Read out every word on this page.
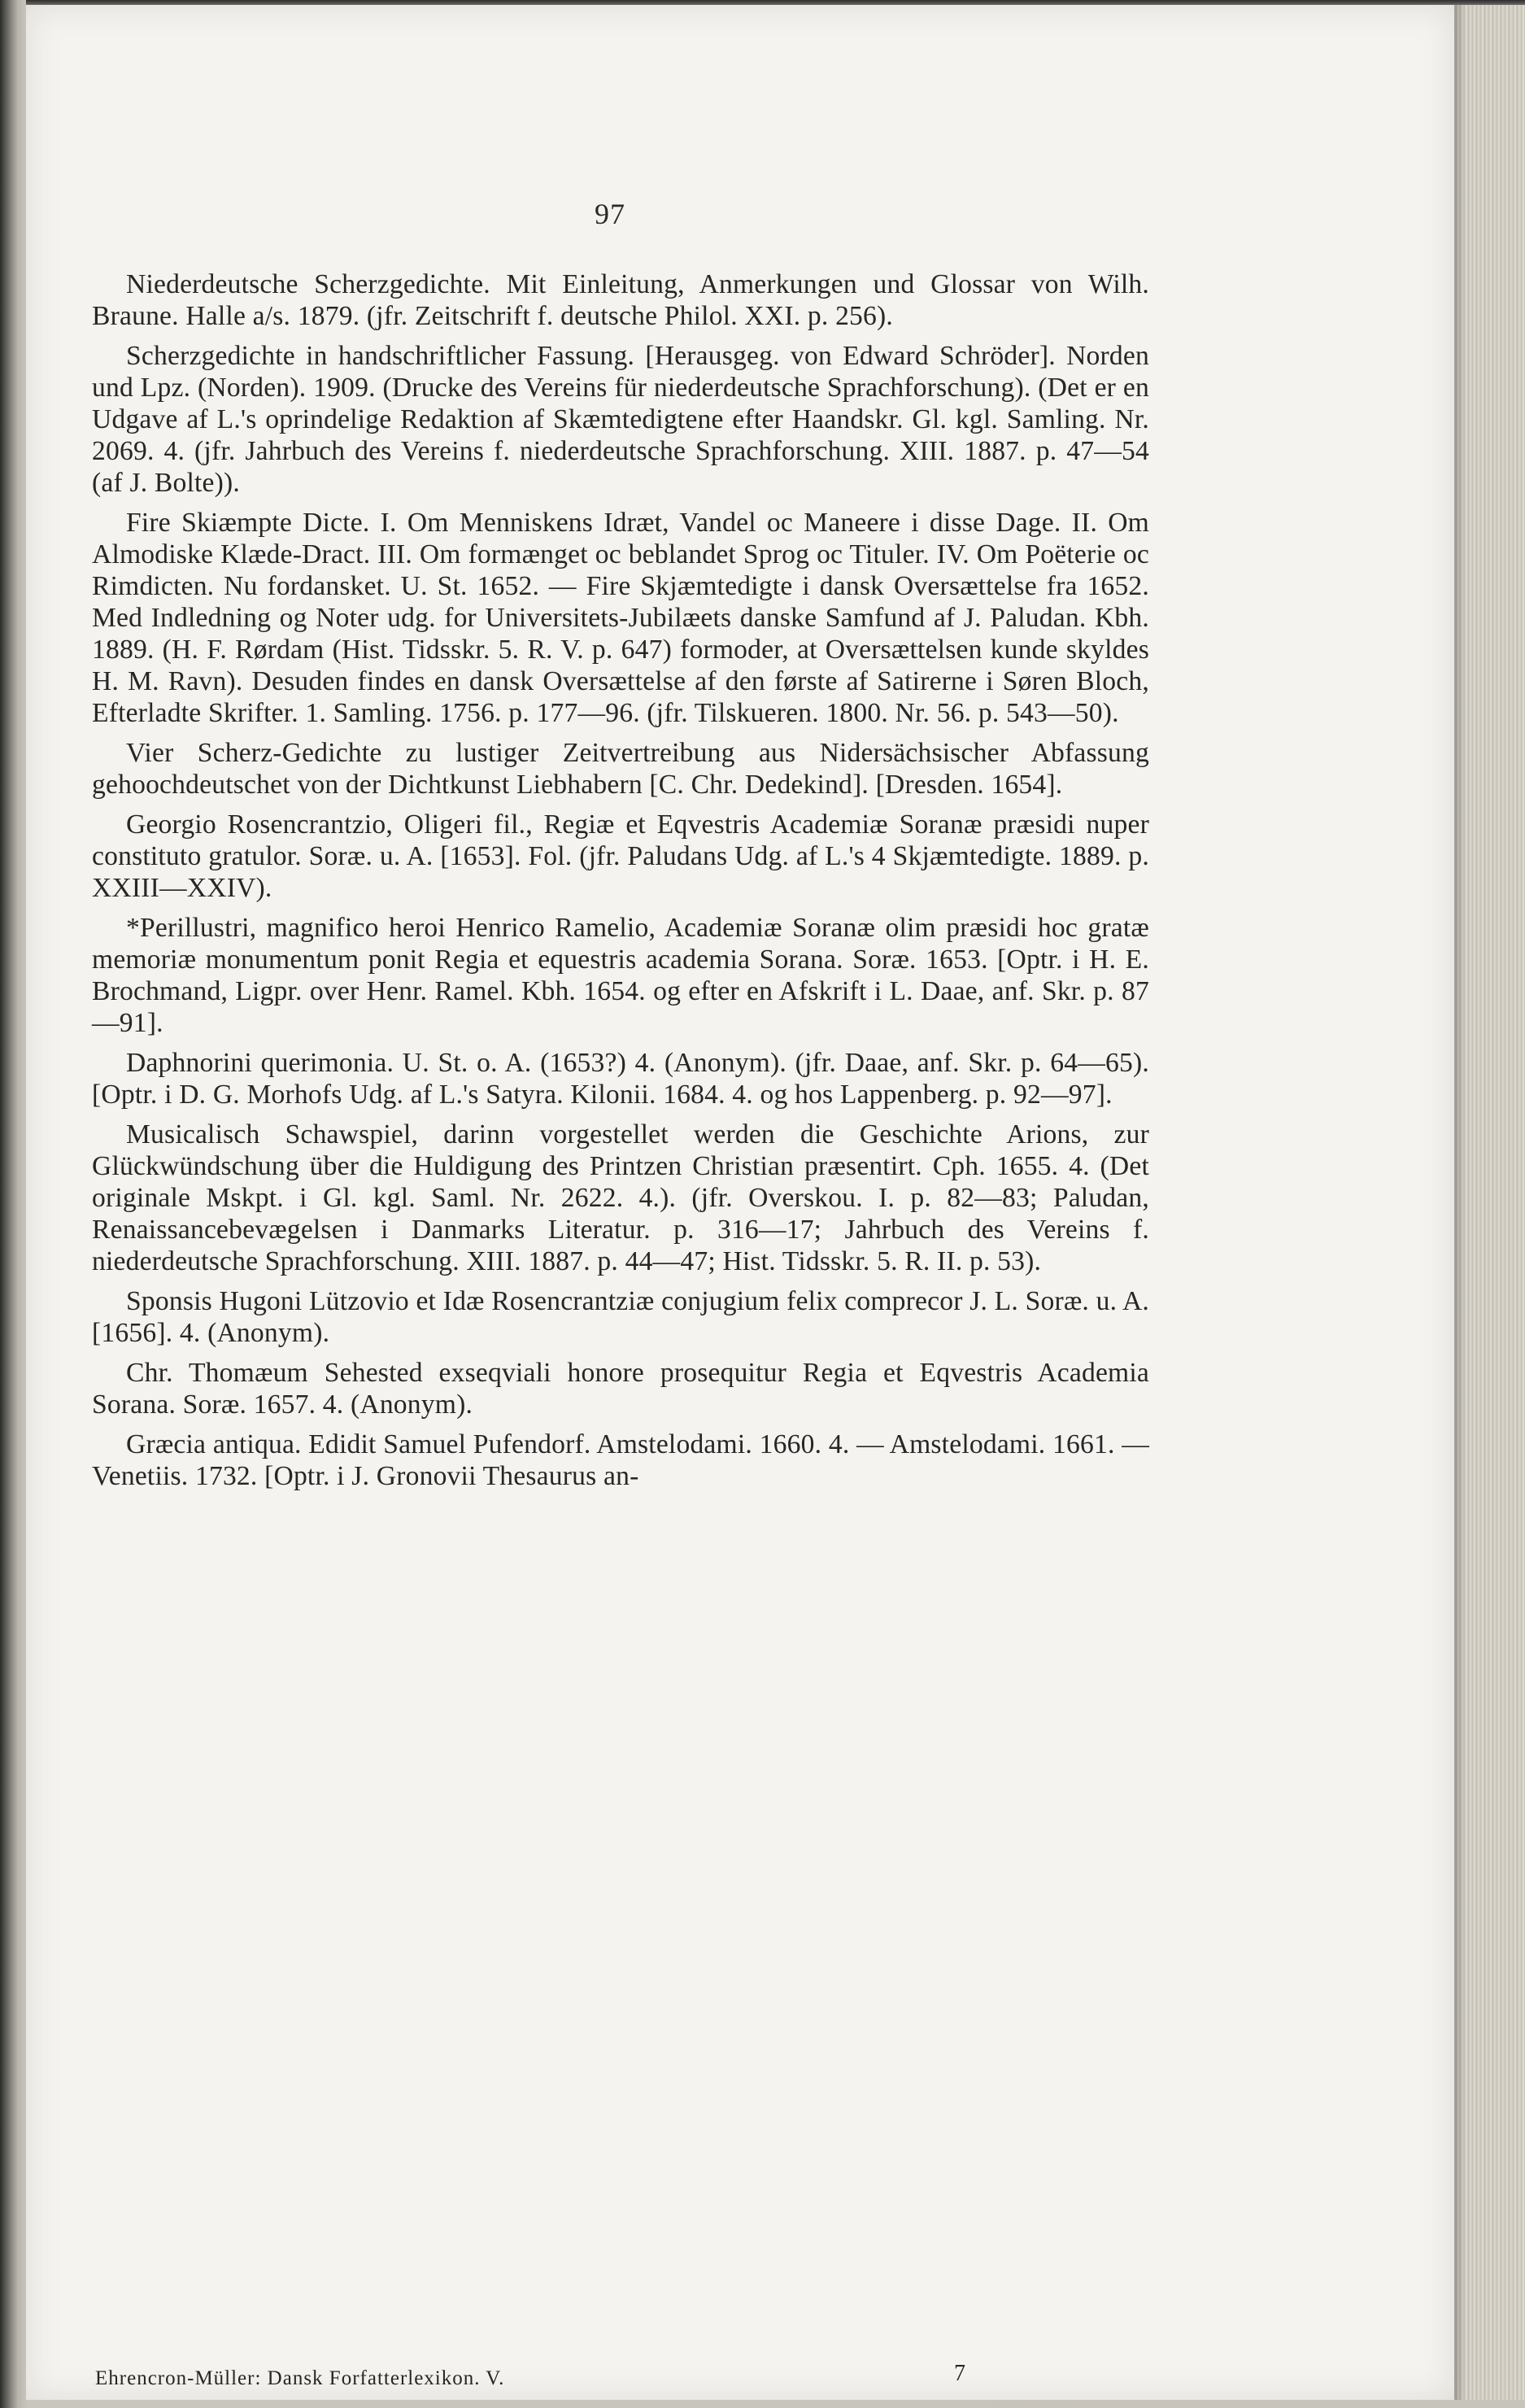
97

Niederdeutsche Scherzgedichte. Mit Einleitung, Anmerkungen und Glossar von Wilh. Braune. Halle a/s. 1879. (jfr. Zeitschrift f. deutsche Philol. XXI. p. 256).

Scherzgedichte in handschriftlicher Fassung. [Herausgeg. von Edward Schröder]. Norden und Lpz. (Norden). 1909. (Drucke des Vereins für niederdeutsche Sprachforschung). (Det er en Udgave af L.'s oprindelige Redaktion af Skæmtedigtene efter Haandskr. Gl. kgl. Samling. Nr. 2069. 4. (jfr. Jahrbuch des Vereins f. niederdeutsche Sprachforschung. XIII. 1887. p. 47—54 (af J. Bolte)).

Fire Skiæmpte Dicte. I. Om Menniskens Idræt, Vandel oc Maneere i disse Dage. II. Om Almodiske Klæde-Dract. III. Om formænget oc beblandet Sprog oc Tituler. IV. Om Poëterie oc Rimdicten. Nu fordansket. U. St. 1652. — Fire Skjæmtedigte i dansk Oversættelse fra 1652. Med Indledning og Noter udg. for Universitets-Jubilæets danske Samfund af J. Paludan. Kbh. 1889. (H. F. Rørdam (Hist. Tidsskr. 5. R. V. p. 647) formoder, at Oversættelsen kunde skyldes H. M. Ravn). Desuden findes en dansk Oversættelse af den første af Satirerne i Søren Bloch, Efterladte Skrifter. 1. Samling. 1756. p. 177—96. (jfr. Tilskueren. 1800. Nr. 56. p. 543—50).

Vier Scherz-Gedichte zu lustiger Zeitvertreibung aus Nidersächsischer Abfassung gehoochdeutschet von der Dichtkunst Liebhabern [C. Chr. Dedekind]. [Dresden. 1654].

Georgio Rosencrantzio, Oligeri fil., Regiæ et Eqvestris Academiæ Soranæ præsidi nuper constituto gratulor. Soræ. u. A. [1653]. Fol. (jfr. Paludans Udg. af L.'s 4 Skjæmtedigte. 1889. p. XXIII—XXIV).

*Perillustri, magnifico heroi Henrico Ramelio, Academiæ Soranæ olim præsidi hoc gratæ memoriæ monumentum ponit Regia et equestris academia Sorana. Soræ. 1653. [Optr. i H. E. Brochmand, Ligpr. over Henr. Ramel. Kbh. 1654. og efter en Afskrift i L. Daae, anf. Skr. p. 87—91].

Daphnorini querimonia. U. St. o. A. (1653?) 4. (Anonym). (jfr. Daae, anf. Skr. p. 64—65). [Optr. i D. G. Morhofs Udg. af L.'s Satyra. Kilonii. 1684. 4. og hos Lappenberg. p. 92—97].

Musicalisch Schawspiel, darinn vorgestellet werden die Geschichte Arions, zur Glückwündschung über die Huldigung des Printzen Christian præsentirt. Cph. 1655. 4. (Det originale Mskpt. i Gl. kgl. Saml. Nr. 2622. 4.). (jfr. Overskou. I. p. 82—83; Paludan, Renaissancebevægelsen i Danmarks Literatur. p. 316—17; Jahrbuch des Vereins f. niederdeutsche Sprachforschung. XIII. 1887. p. 44—47; Hist. Tidsskr. 5. R. II. p. 53).

Sponsis Hugoni Lützovio et Idæ Rosencrantziæ conjugium felix comprecor J. L. Soræ. u. A. [1656]. 4. (Anonym).

Chr. Thomæum Sehested exseqviali honore prosequitur Regia et Eqvestris Academia Sorana. Soræ. 1657. 4. (Anonym).

Græcia antiqua. Edidit Samuel Pufendorf. Amstelodami. 1660. 4. — Amstelodami. 1661. — Venetiis. 1732. [Optr. i J. Gronovii Thesaurus an-

Ehrencron-Müller: Dansk Forfatterlexikon. V.	7
